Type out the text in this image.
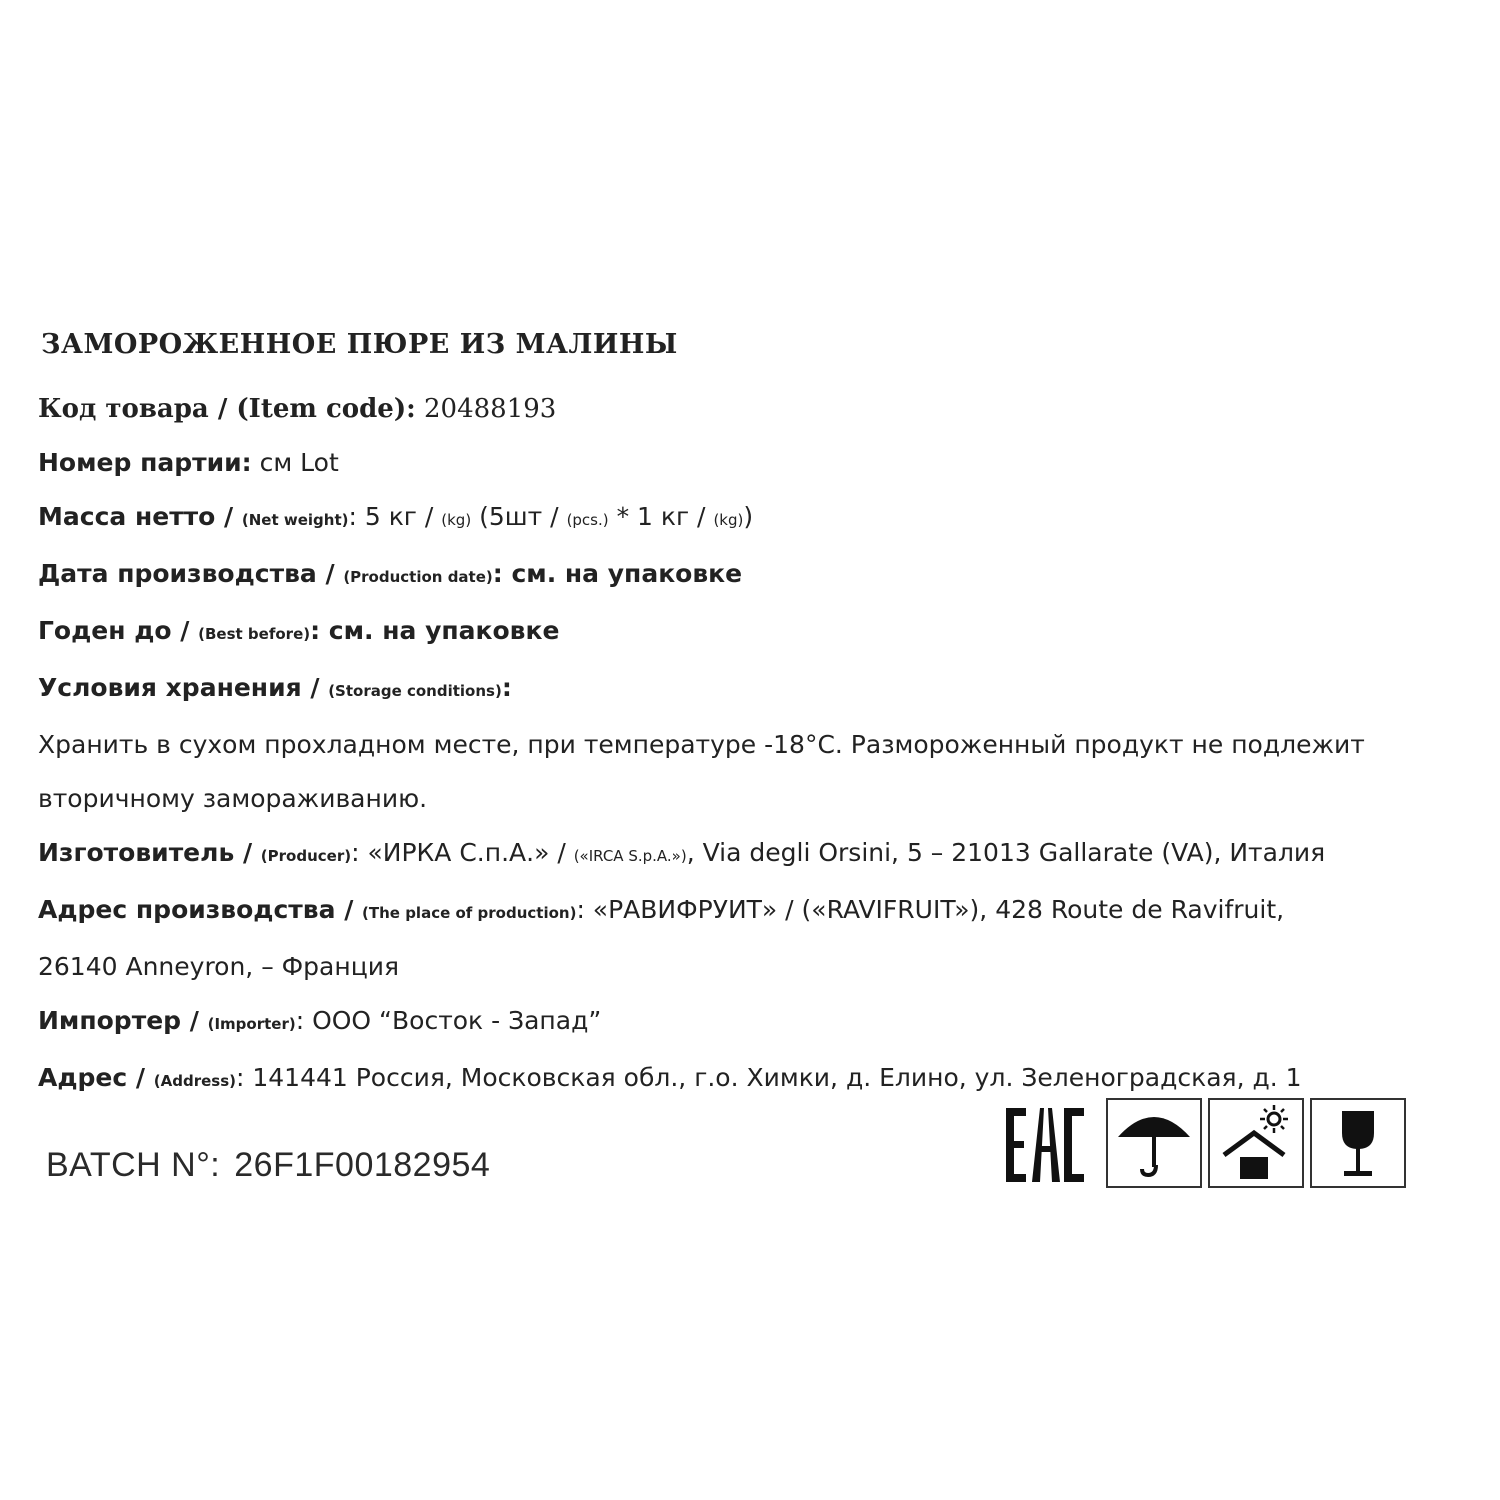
ЗАМОРОЖЕННОЕ ПЮРЕ ИЗ МАЛИНЫ
Код товара / (Item code): 20488193
Номер партии: см Lot
Масса нетто / (Net weight): 5 кг / (kg) (5шт / (pcs.) * 1 кг / (kg))
Дата производства / (Production date): см. на упаковке
Годен до / (Best before): см. на упаковке
Условия хранения / (Storage conditions):
Хранить в сухом прохладном месте, при температуре -18°С. Размороженный продукт не подлежит
вторичному замораживанию.
Изготовитель / (Producer): «ИРКА С.п.А.» / («IRCA S.p.A.»), Via degli Orsini, 5 – 21013 Gallarate (VA), Италия
Адрес производства / (The place of production): «РАВИФРУИТ» / («RAVIFRUIT»), 428 Route de Ravifruit,
26140 Anneyron, – Франция
Импортер / (Importer): ООО “Восток - Запад”
Адрес / (Address): 141441 Россия, Московская обл., г.о. Химки, д. Елино, ул. Зеленоградская, д. 1
BATCH N°: 26F1F00182954
